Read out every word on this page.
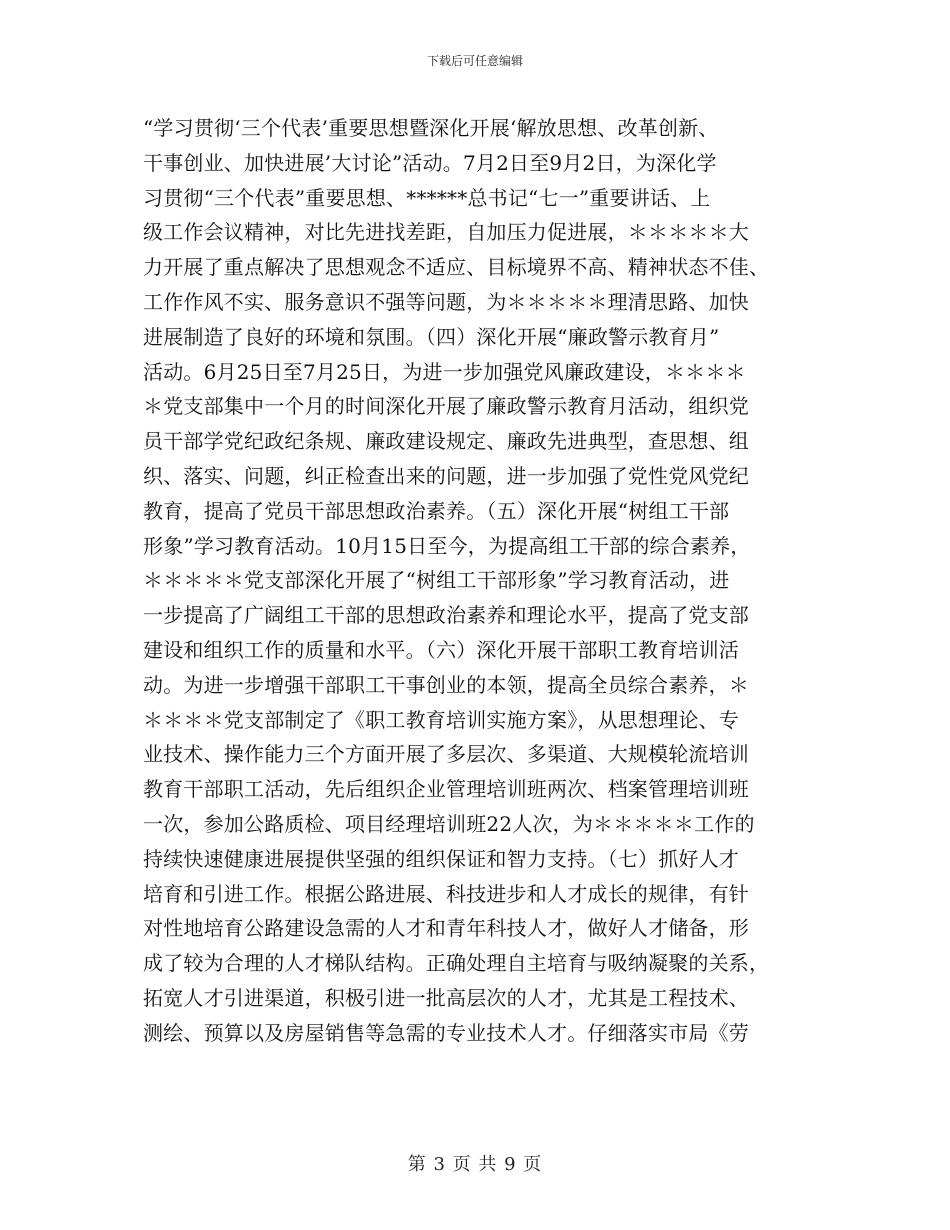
下载后可任意编辑
“学习贯彻‘三个代表’重要思想暨深化开展‘解放思想、改革创新、
干事创业、加快进展’大讨论”活动。7月2日至9月2日，为深化学
习贯彻“三个代表”重要思想、******总书记“七一”重要讲话、上
级工作会议精神，对比先进找差距，自加压力促进展，＊＊＊＊＊大
力开展了重点解决了思想观念不适应、目标境界不高、精神状态不佳、
工作作风不实、服务意识不强等问题，为＊＊＊＊＊理清思路、加快
进展制造了良好的环境和氛围。（四）深化开展“廉政警示教育月”
活动。6月25日至7月25日，为进一步加强党风廉政建设，＊＊＊＊
＊党支部集中一个月的时间深化开展了廉政警示教育月活动，组织党
员干部学党纪政纪条规、廉政建设规定、廉政先进典型，查思想、组
织、落实、问题，纠正检查出来的问题，进一步加强了党性党风党纪
教育，提高了党员干部思想政治素养。（五）深化开展“树组工干部
形象”学习教育活动。10月15日至今，为提高组工干部的综合素养，
＊＊＊＊＊党支部深化开展了“树组工干部形象”学习教育活动，进
一步提高了广阔组工干部的思想政治素养和理论水平，提高了党支部
建设和组织工作的质量和水平。（六）深化开展干部职工教育培训活
动。为进一步增强干部职工干事创业的本领，提高全员综合素养，＊
＊＊＊＊党支部制定了《职工教育培训实施方案》，从思想理论、专
业技术、操作能力三个方面开展了多层次、多渠道、大规模轮流培训
教育干部职工活动，先后组织企业管理培训班两次、档案管理培训班
一次，参加公路质检、项目经理培训班22人次，为＊＊＊＊＊工作的
持续快速健康进展提供坚强的组织保证和智力支持。（七）抓好人才
培育和引进工作。根据公路进展、科技进步和人才成长的规律，有针
对性地培育公路建设急需的人才和青年科技人才，做好人才储备，形
成了较为合理的人才梯队结构。正确处理自主培育与吸纳凝聚的关系，
拓宽人才引进渠道，积极引进一批高层次的人才，尤其是工程技术、
测绘、预算以及房屋销售等急需的专业技术人才。仔细落实市局《劳
第 3 页 共 9 页
